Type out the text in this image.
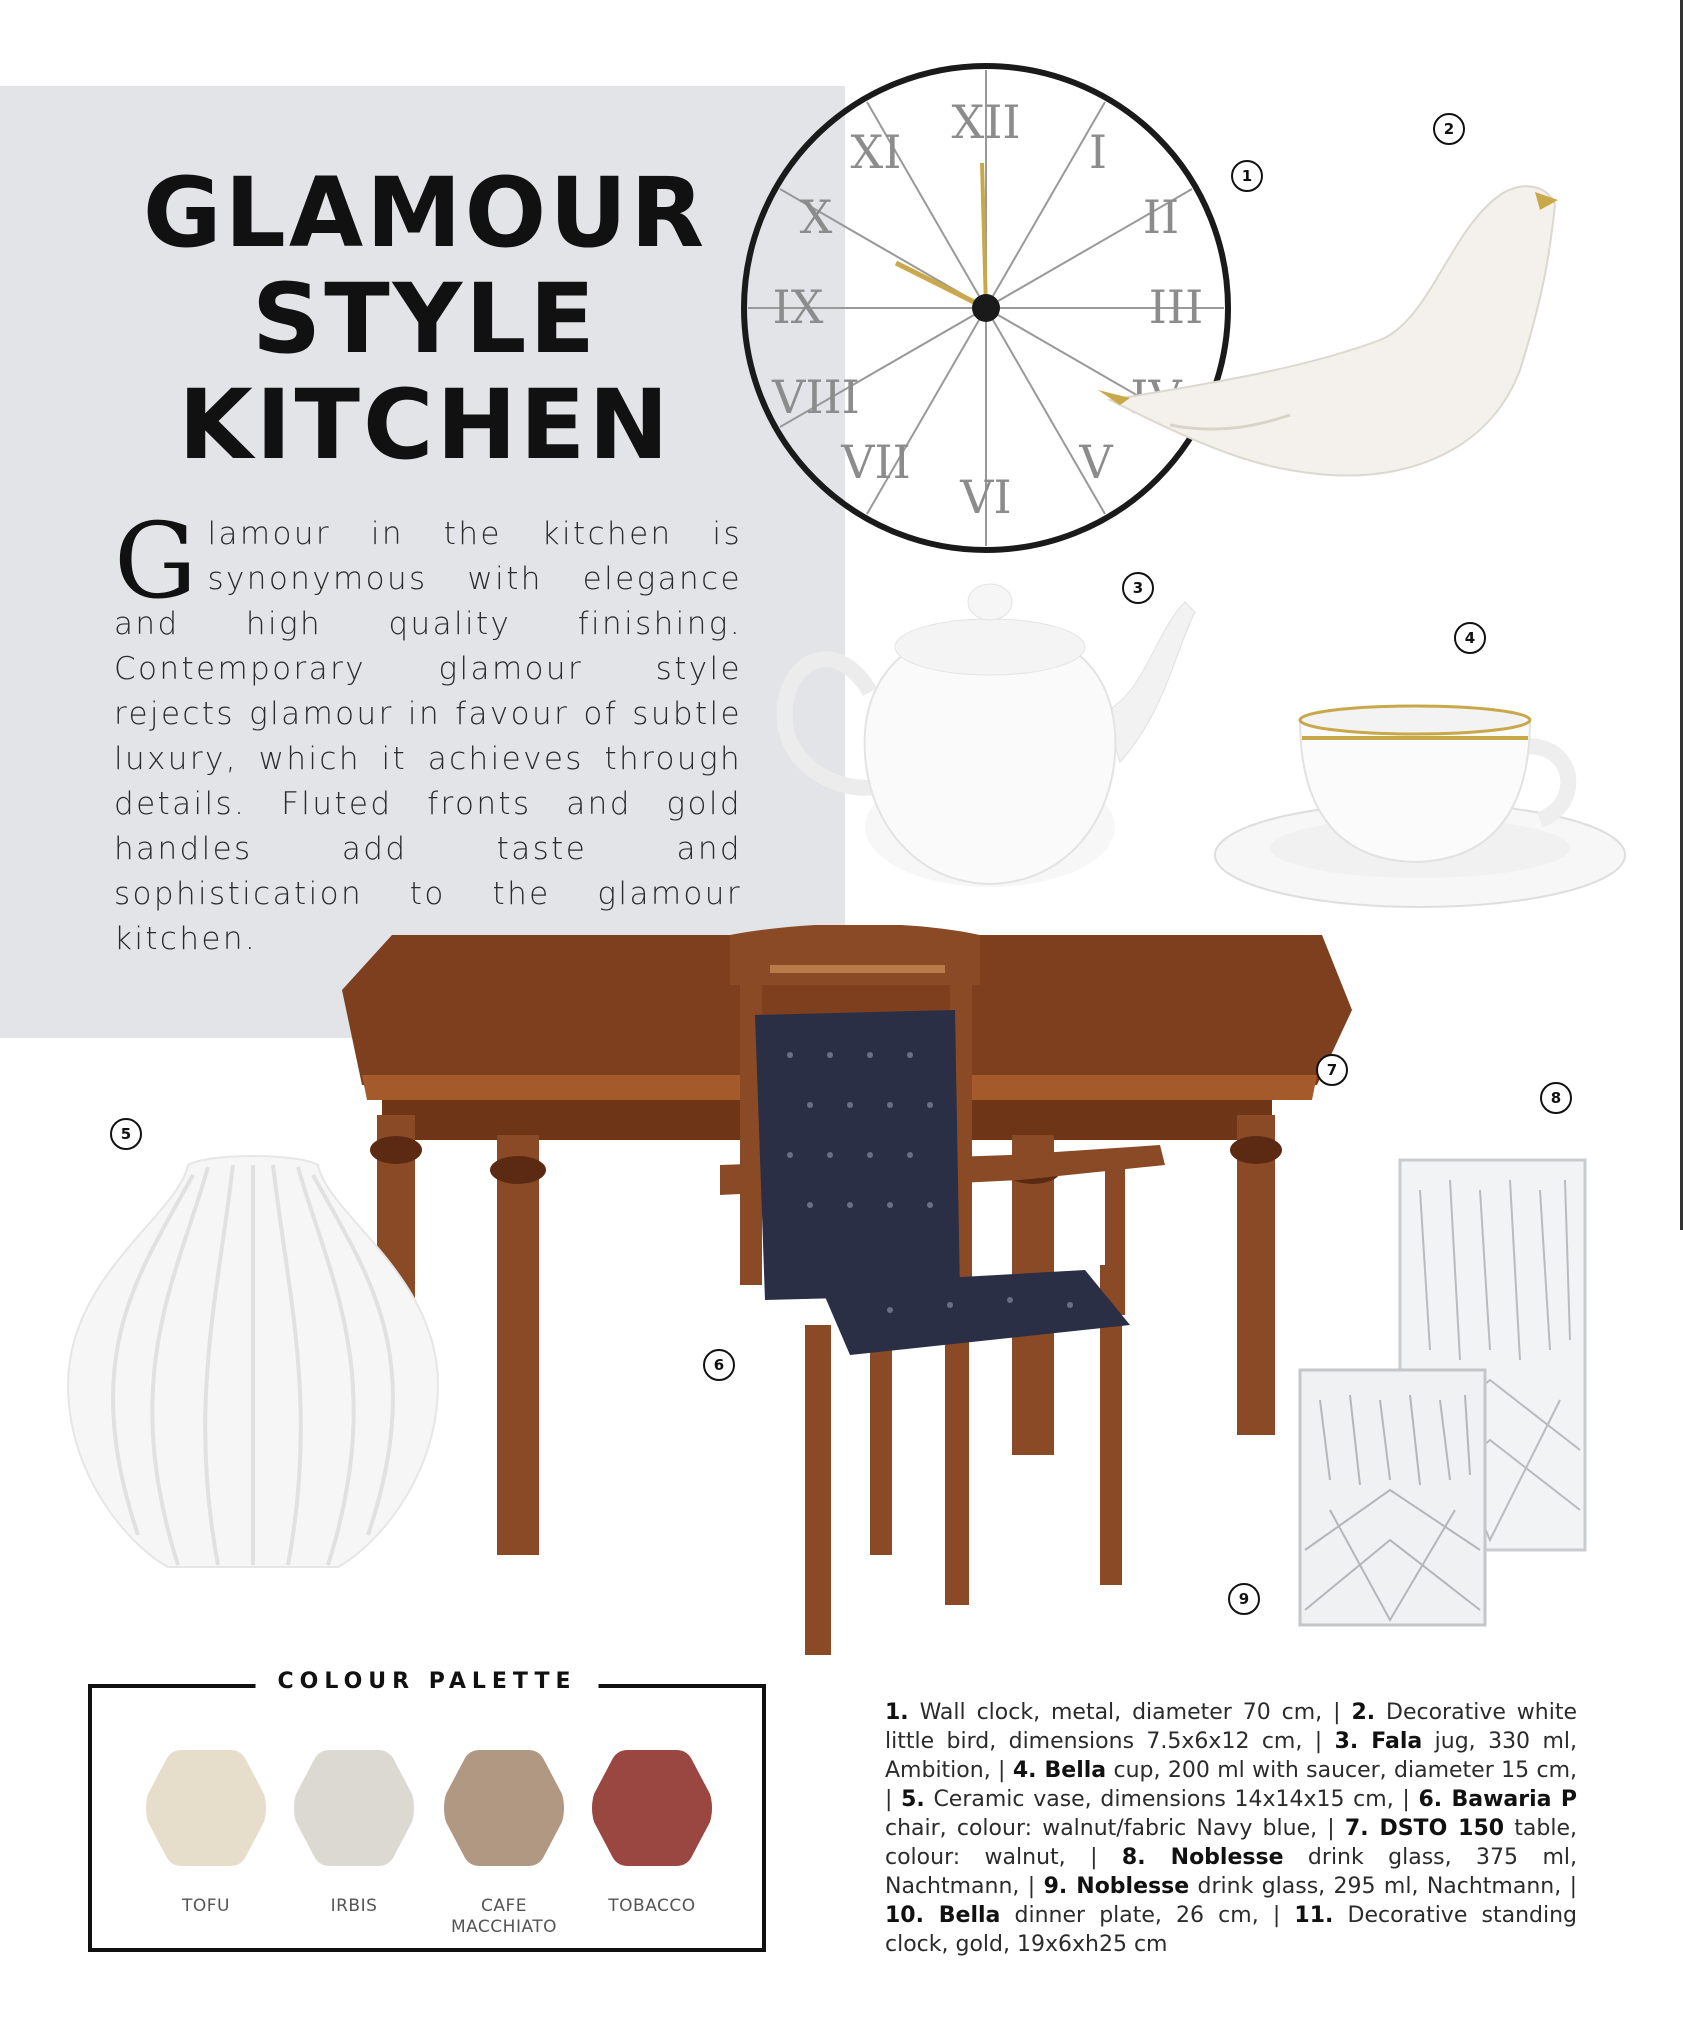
GLAMOUR
STYLE
KITCHEN

Glamour in the kitchen is synonymous with elegance and high quality finishing. Contemporary glamour style rejects glamour in favour of subtle luxury, which it achieves through details. Fluted fronts and gold handles add taste and sophistication to the glamour kitchen.

XII
I
II
III
V
VI
VII
VIII
IX
X
XI	1
2
3
4
7
6
5
8
9
COLOUR PALETTE
TOFU	IRBIS	CAFE MACCHIATO
TOBACCO

1. Wall clock, metal, diameter 70 cm, | 2. Decorative white little bird, dimensions 7.5x6x12 cm, | 3. Fala jug, 330 ml, Ambition, | 4. Bella cup, 200 ml with saucer, diameter 15 cm, | 5. Ceramic vase, dimensions 14x14x15 cm, | 6. Bawaria P chair, colour: walnut/fabric Navy blue, | 7. DSTO 150 table, colour: walnut, | 8. Noblesse drink glass, 375 ml, Nachtmann, | 9. Noblesse drink glass, 295 ml, Nachtmann, | 10. Bella dinner plate, 26 cm, | 11. Decorative standing clock, gold, 19x6xh25 cm
